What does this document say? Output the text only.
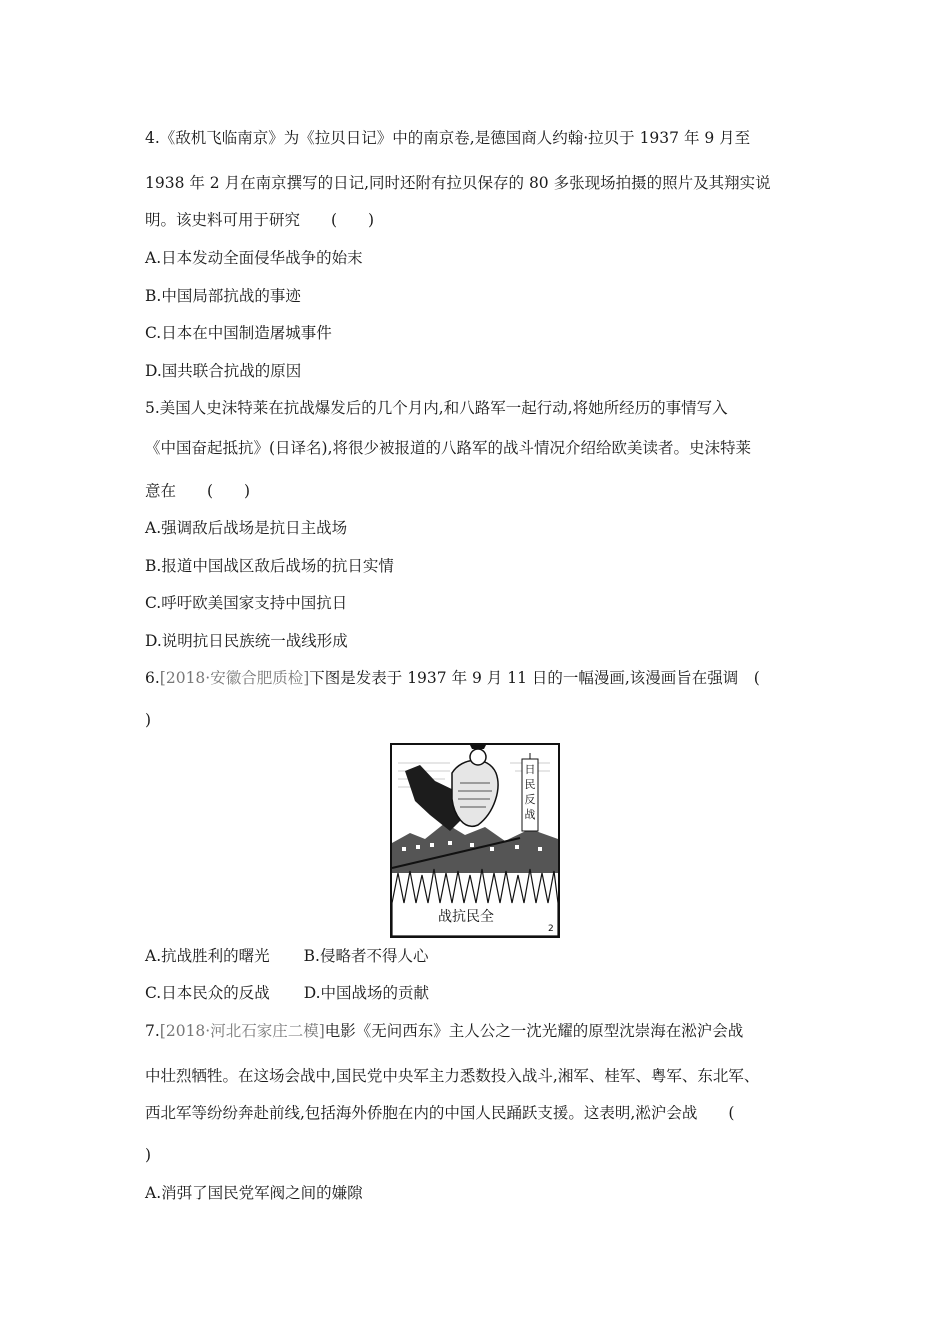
4.《敌机飞临南京》为《拉贝日记》中的南京卷,是德国商人约翰·拉贝于 1937 年 9 月至
1938 年 2 月在南京撰写的日记,同时还附有拉贝保存的 80 多张现场拍摄的照片及其翔实说
明。该史料可用于研究　　(　　)
A.日本发动全面侵华战争的始末
B.中国局部抗战的事迹
C.日本在中国制造屠城事件
D.国共联合抗战的原因
5.美国人史沫特莱在抗战爆发后的几个月内,和八路军一起行动,将她所经历的事情写入
《中国奋起抵抗》(日译名),将很少被报道的八路军的战斗情况介绍给欧美读者。史沫特莱
意在　　(　　)
A.强调敌后战场是抗日主战场
B.报道中国战区敌后战场的抗日实情
C.呼吁欧美国家支持中国抗日
D.说明抗日民族统一战线形成
6.[2018·安徽合肥质检]下图是发表于 1937 年 9 月 11 日的一幅漫画,该漫画旨在强调　(
)
日
民
反
战
战抗民全
2
A.抗战胜利的曙光 B.侵略者不得人心
C.日本民众的反战 D.中国战场的贡献
7.[2018·河北石家庄二模]电影《无问西东》主人公之一沈光耀的原型沈崇海在淞沪会战
中壮烈牺牲。在这场会战中,国民党中央军主力悉数投入战斗,湘军、桂军、粤军、东北军、
西北军等纷纷奔赴前线,包括海外侨胞在内的中国人民踊跃支援。这表明,淞沪会战　　(
)
A.消弭了国民党军阀之间的嫌隙
